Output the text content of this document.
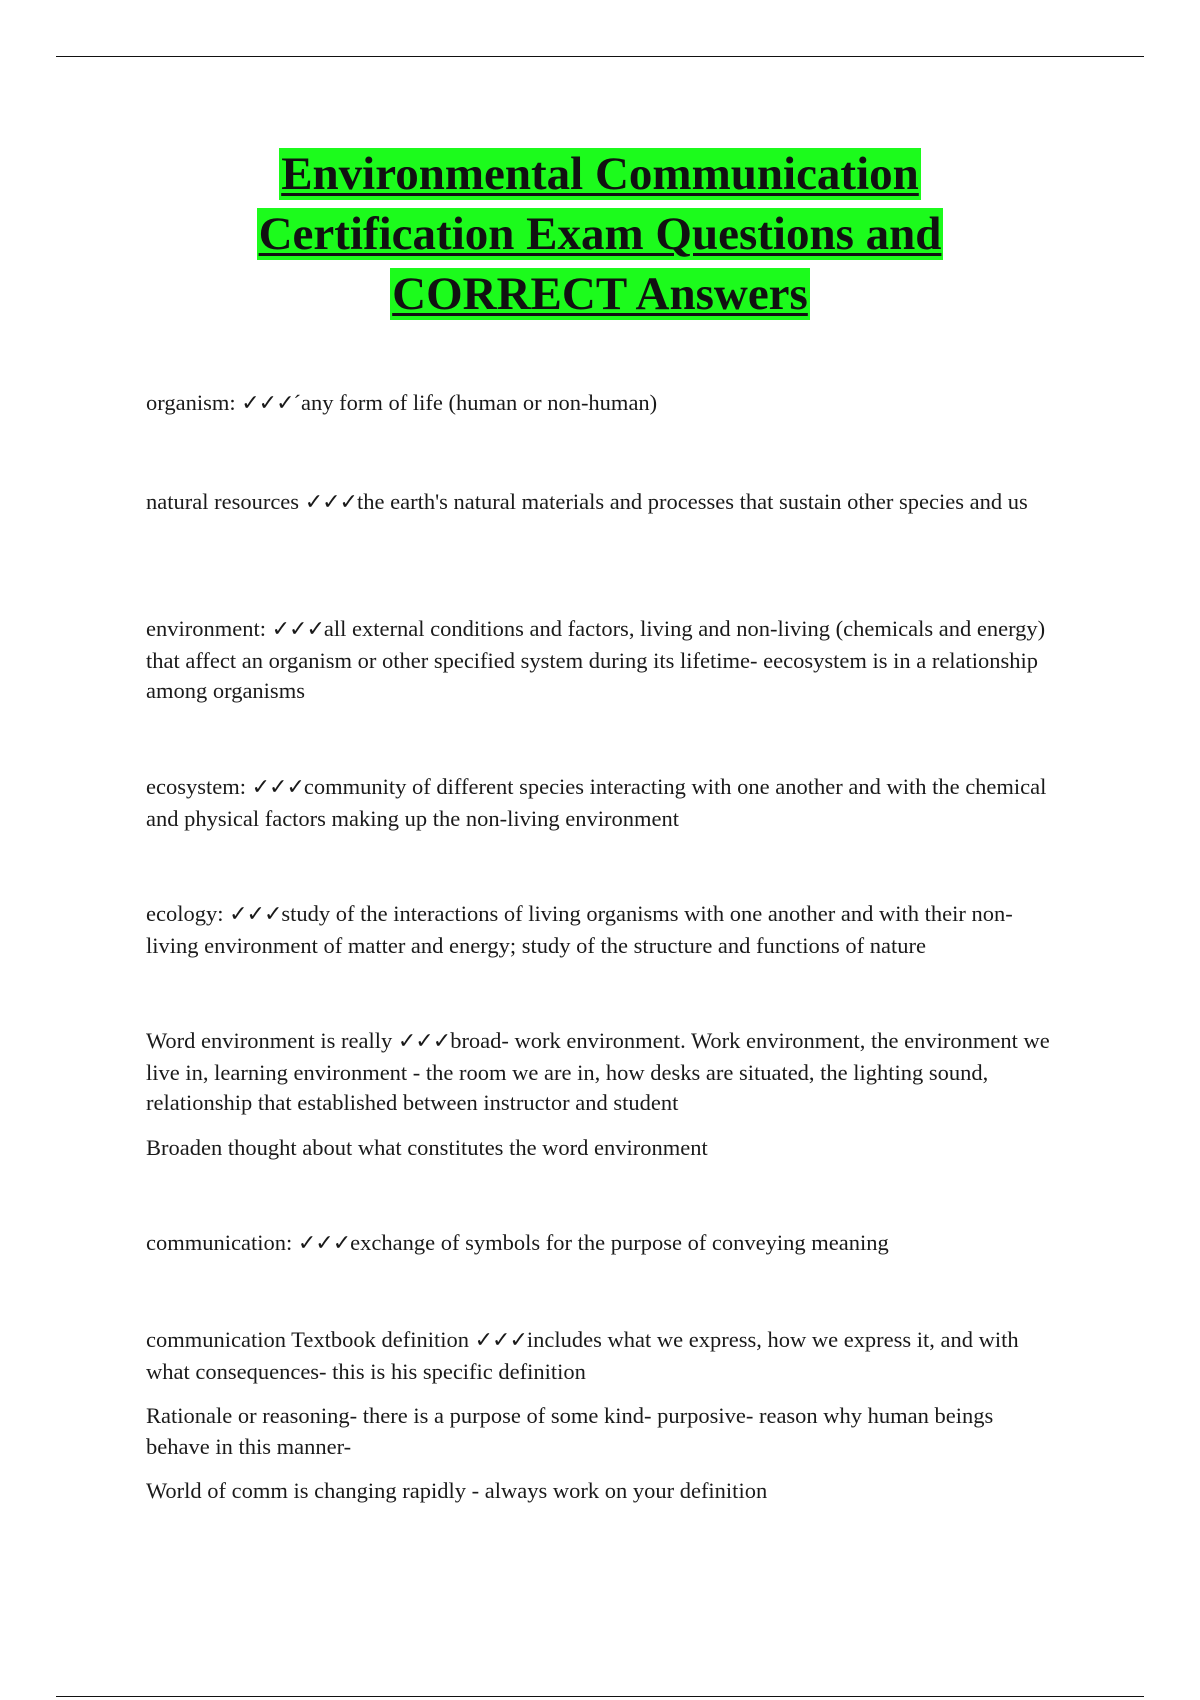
Environmental Communication
Certification Exam Questions and
CORRECT Answers

organism: ✓✓✓´any form of life (human or non-human)

natural resources ✓✓✓the earth's natural materials and processes that sustain other species and us

environment: ✓✓✓all external conditions and factors, living and non-living (chemicals and energy) that affect an organism or other specified system during its lifetime- eecosystem is in a relationship among organisms

ecosystem: ✓✓✓community of different species interacting with one another and with the chemical and physical factors making up the non-living environment

ecology: ✓✓✓study of the interactions of living organisms with one another and with their non-living environment of matter and energy; study of the structure and functions of nature

Word environment is really ✓✓✓broad- work environment. Work environment, the environment we live in, learning environment - the room we are in, how desks are situated, the lighting sound, relationship that established between instructor and student

Broaden thought about what constitutes the word environment

communication: ✓✓✓exchange of symbols for the purpose of conveying meaning

communication Textbook definition ✓✓✓includes what we express, how we express it, and with what consequences- this is his specific definition

Rationale or reasoning- there is a purpose of some kind- purposive- reason why human beings behave in this manner-

World of comm is changing rapidly - always work on your definition
